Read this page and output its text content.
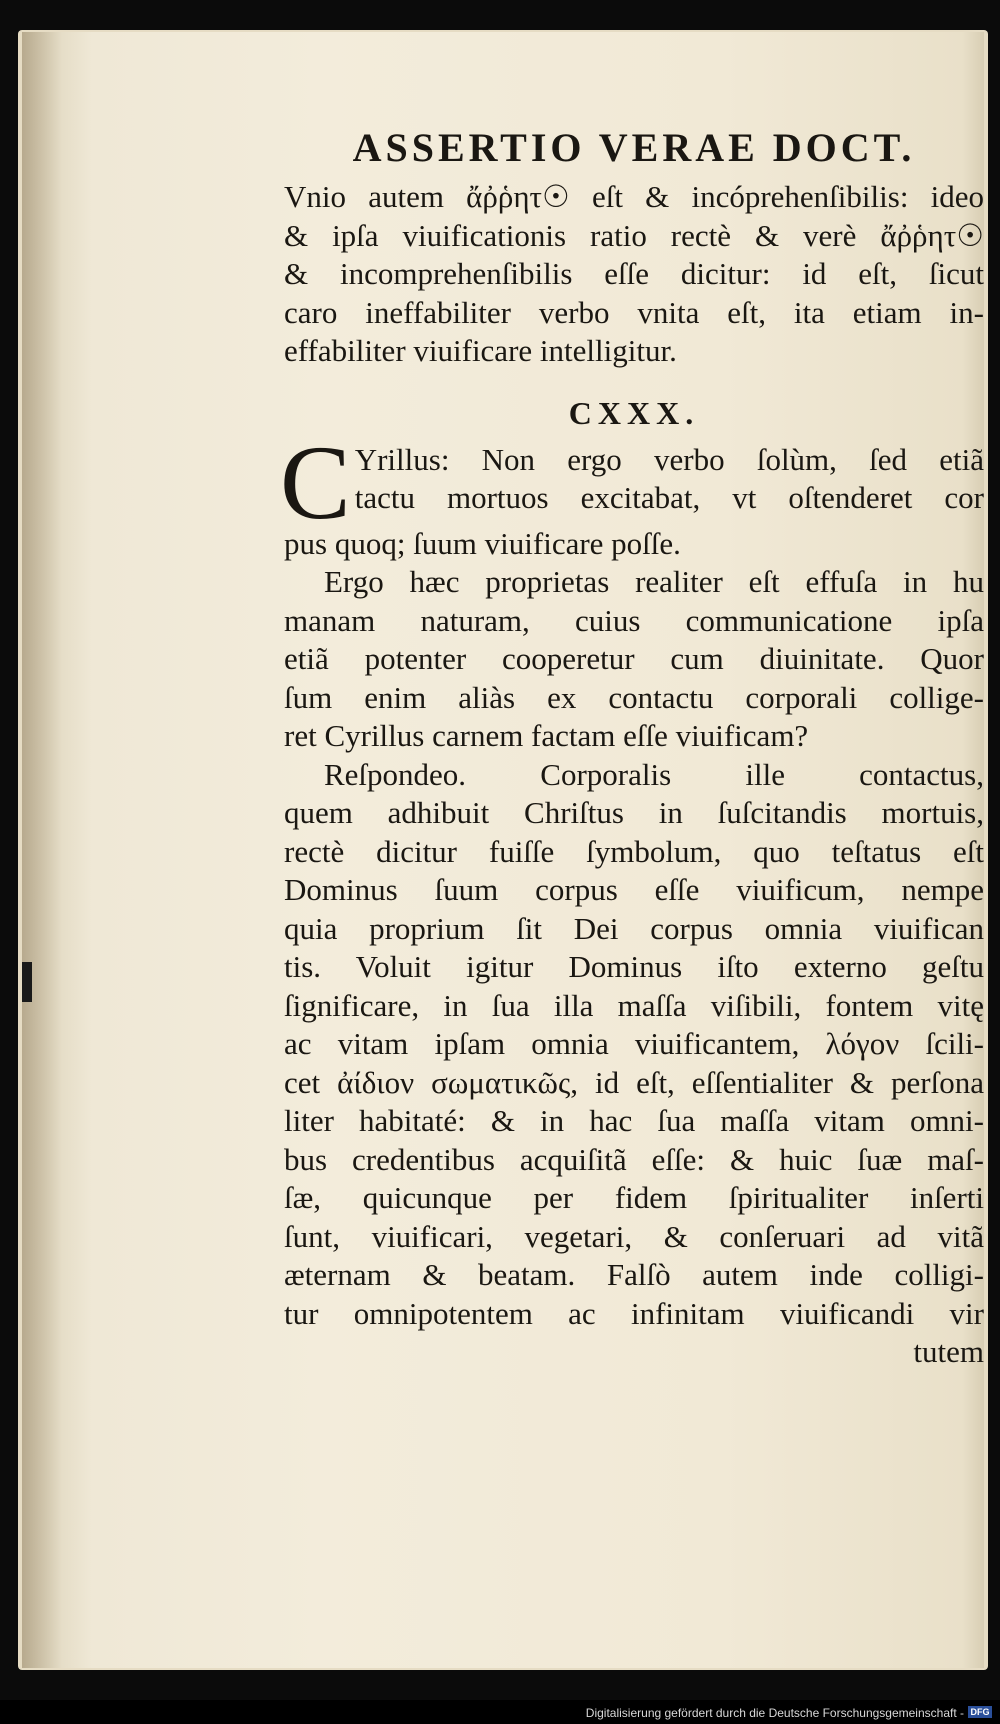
ASSERTIO VERAE DOCT.
Vnio autem ἄῤῥητ☉ eſt & incóprehenſibilis: ideo
& ipſa viuificationis ratio rectè & verè ἄῤῥητ☉
& incomprehenſibilis eſſe dicitur: id eſt, ſicut
caro ineffabiliter verbo vnita eſt, ita etiam in-
effabiliter viuificare intelligitur.
CXXX.
C Yrillus: Non ergo verbo ſolùm, ſed etiã
tactu mortuos excitabat, vt oſtenderet cor
pus quoq; ſuum viuificare poſſe.
Ergo hæc proprietas realiter eſt effuſa in hu
manam naturam, cuius communicatione ipſa
etiã potenter cooperetur cum diuinitate. Quor
ſum enim aliàs ex contactu corporali collige-
ret Cyrillus carnem factam eſſe viuificam?
Reſpondeo. Corporalis ille contactus,
quem adhibuit Chriſtus in ſuſcitandis mortuis,
rectè dicitur fuiſſe ſymbolum, quo teſtatus eſt
Dominus ſuum corpus eſſe viuificum, nempe
quia proprium ſit Dei corpus omnia viuifican
tis. Voluit igitur Dominus iſto externo geſtu
ſignificare, in ſua illa maſſa viſibili, fontem vitę
ac vitam ipſam omnia viuificantem, λόγον ſcili-
cet ἀίδιον σωματικῶς, id eſt, eſſentialiter & perſona
liter habitaté: & in hac ſua maſſa vitam omni-
bus credentibus acquiſitã eſſe: & huic ſuæ maſ-
ſæ, quicunque per fidem ſpiritualiter inſerti
ſunt, viuificari, vegetari, & conſeruari ad vitã
æternam & beatam. Falſò autem inde colligi-
tur omnipotentem ac infinitam viuificandi vir
tutem
Digitalisierung gefördert durch die Deutsche Forschungsgemeinschaft - DFG
